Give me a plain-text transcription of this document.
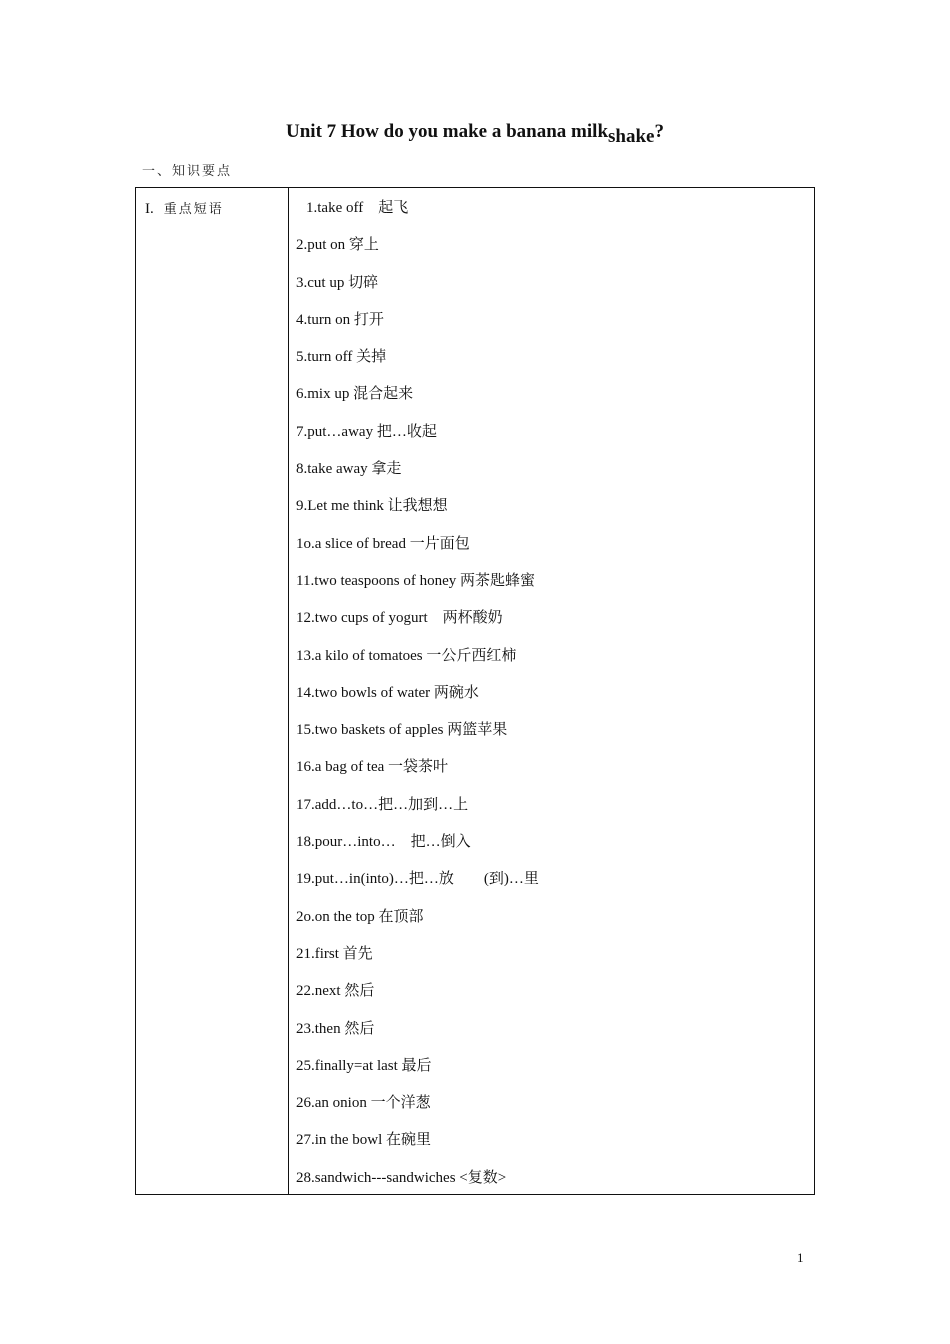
Unit 7 How do you make a banana milkshake?
一、知识要点
I. 重点短语	1.take off　起飞
2.put on 穿上
3.cut up 切碎
4.turn on 打开
5.turn off 关掉
6.mix up 混合起来
7.put…away 把…收起
8.take away 拿走
9.Let me think 让我想想
1o.a slice of bread 一片面包
11.two teaspoons of honey 两茶匙蜂蜜
12.two cups of yogurt　两杯酸奶
13.a kilo of tomatoes 一公斤西红柿
14.two bowls of water 两碗水
15.two baskets of apples 两篮苹果
16.a bag of tea 一袋茶叶
17.add…to…把…加到…上
18.pour…into…　把…倒入
19.put…in(into)…把…放　　(到)…里
2o.on the top 在顶部
21.first 首先
22.next 然后
23.then 然后
25.finally=at last 最后
26.an onion 一个洋葱
27.in the bowl 在碗里
28.sandwich---sandwiches <复数>
1
